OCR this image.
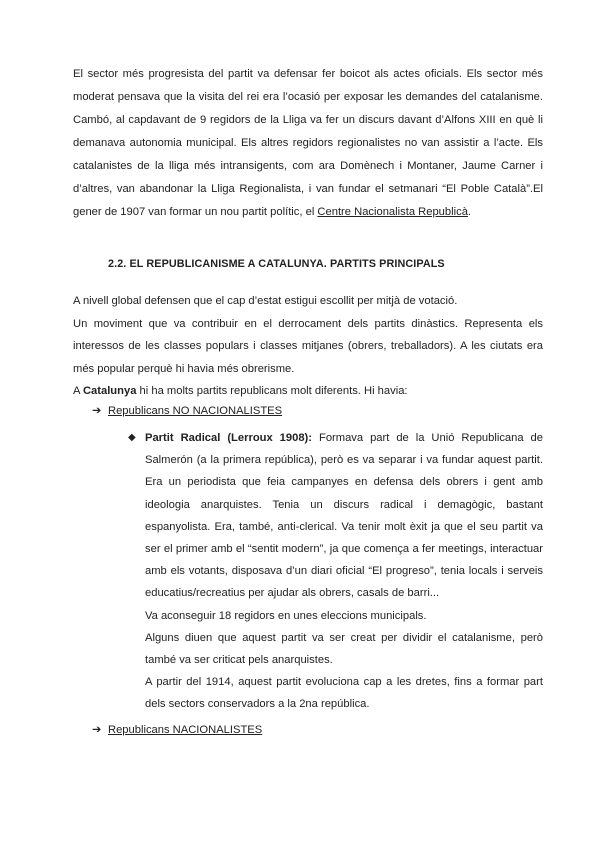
El sector més progresista del partit va defensar fer boicot als actes oficials. Els sector més moderat pensava que la visita del rei era l’ocasió per exposar les demandes del catalanisme. Cambó, al capdavant de 9 regidors de la Lliga va fer un discurs davant d’Alfons XIII en què li demanava autonomia municipal. Els altres regidors regionalistes no van assistir a l’acte. Els catalanistes de la lliga més intransigents, com ara Domènech i Montaner, Jaume Carner i d’altres, van abandonar la Lliga Regionalista, i van fundar el setmanari “El Poble Català”.El gener de 1907 van formar un nou partit polític, el Centre Nacionalista Republicà.

2.2. EL REPUBLICANISME A CATALUNYA. PARTITS PRINCIPALS

A nivell global defensen que el cap d’estat estigui escollit per mitjà de votació.

Un moviment que va contribuir en el derrocament dels partits dinàstics. Representa els interessos de les classes populars i classes mitjanes (obrers, treballadors). A les ciutats era més popular perquè hi havia més obrerisme.

A Catalunya hi ha molts partits republicans molt diferents. Hi havia:

➔ Republicans NO NACIONALISTES
◆ Partit Radical (Lerroux 1908): Formava part de la Unió Republicana de Salmerón (a la primera república), però es va separar i va fundar aquest partit. Era un periodista que feia campanyes en defensa dels obrers i gent amb ideologia anarquistes. Tenia un discurs radical i demagògic, bastant espanyolista. Era, també, anti-clerical. Va tenir molt èxit ja que el seu partit va ser el primer amb el “sentit modern”, ja que comença a fer meetings, interactuar amb els votants, disposava d’un diari oficial “El progreso”, tenia locals i serveis educatius/recreatius per ajudar als obrers, casals de barri...

Va aconseguir 18 regidors en unes eleccions municipals.

Alguns diuen que aquest partit va ser creat per dividir el catalanisme, però també va ser criticat pels anarquistes.

A partir del 1914, aquest partit evoluciona cap a les dretes, fins a formar part dels sectors conservadors a la 2na república.

➔ Republicans NACIONALISTES
